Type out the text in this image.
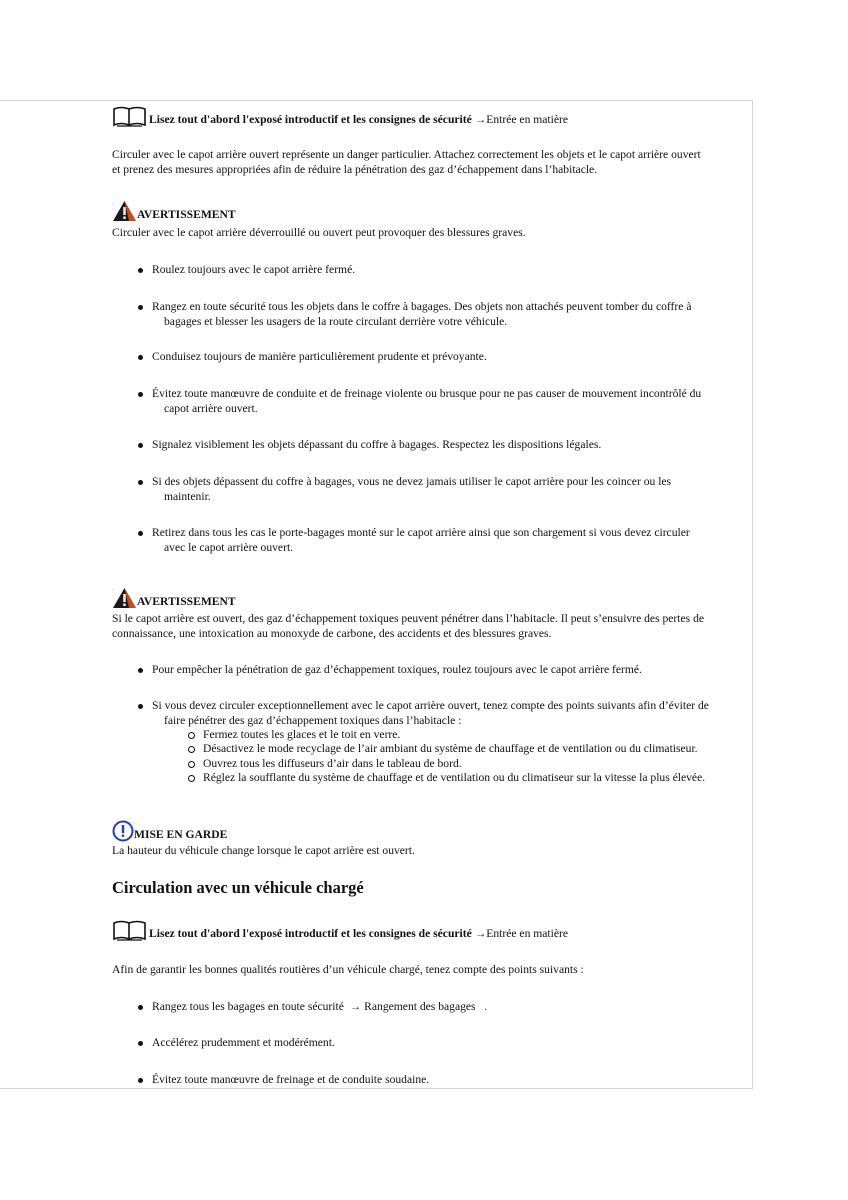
Lisez tout d'abord l'exposé introductif et les consignes de sécurité
→Entrée en matière
Circuler avec le capot arrière ouvert représente un danger particulier. Attachez correctement les objets et le capot arrière ouvert
et prenez des mesures appropriées afin de réduire la pénétration des gaz d’échappement dans l’habitacle.
.
AVERTISSEMENT
Circuler avec le capot arrière déverrouillé ou ouvert peut provoquer des blessures graves.
Roulez toujours avec le capot arrière fermé.
Rangez en toute sécurité tous les objets dans le coffre à bagages. Des objets non attachés peuvent tomber du coffre à
bagages et blesser les usagers de la route circulant derrière votre véhicule.
Conduisez toujours de manière particulièrement prudente et prévoyante.
Évitez toute manœuvre de conduite et de freinage violente ou brusque pour ne pas causer de mouvement incontrôlé du
capot arrière ouvert.
Signalez visiblement les objets dépassant du coffre à bagages. Respectez les dispositions légales.
Si des objets dépassent du coffre à bagages, vous ne devez jamais utiliser le capot arrière pour les coincer ou les
maintenir.
Retirez dans tous les cas le porte-bagages monté sur le capot arrière ainsi que son chargement si vous devez circuler
avec le capot arrière ouvert.
.
AVERTISSEMENT
Si le capot arrière est ouvert, des gaz d’échappement toxiques peuvent pénétrer dans l’habitacle. Il peut s’ensuivre des pertes de
connaissance, une intoxication au monoxyde de carbone, des accidents et des blessures graves.
Pour empêcher la pénétration de gaz d’échappement toxiques, roulez toujours avec le capot arrière fermé.
Si vous devez circuler exceptionnellement avec le capot arrière ouvert, tenez compte des points suivants afin d’éviter de
faire pénétrer des gaz d’échappement toxiques dans l’habitacle :
Fermez toutes les glaces et le toit en verre.
Désactivez le mode recyclage de l’air ambiant du système de chauffage et de ventilation ou du climatiseur.
Ouvrez tous les diffuseurs d’air dans le tableau de bord.
Réglez la soufflante du système de chauffage et de ventilation ou du climatiseur sur la vitesse la plus élevée.
MISE EN GARDE
La hauteur du véhicule change lorsque le capot arrière est ouvert.
Circulation avec un véhicule chargé
Lisez tout d'abord l'exposé introductif et les consignes de sécurité
→Entrée en matière
Afin de garantir les bonnes qualités routières d’un véhicule chargé, tenez compte des points suivants :
Rangez tous les bagages en toute sécurité → Rangement des bagages .
Accélérez prudemment et modérément.
Évitez toute manœuvre de freinage et de conduite soudaine.
